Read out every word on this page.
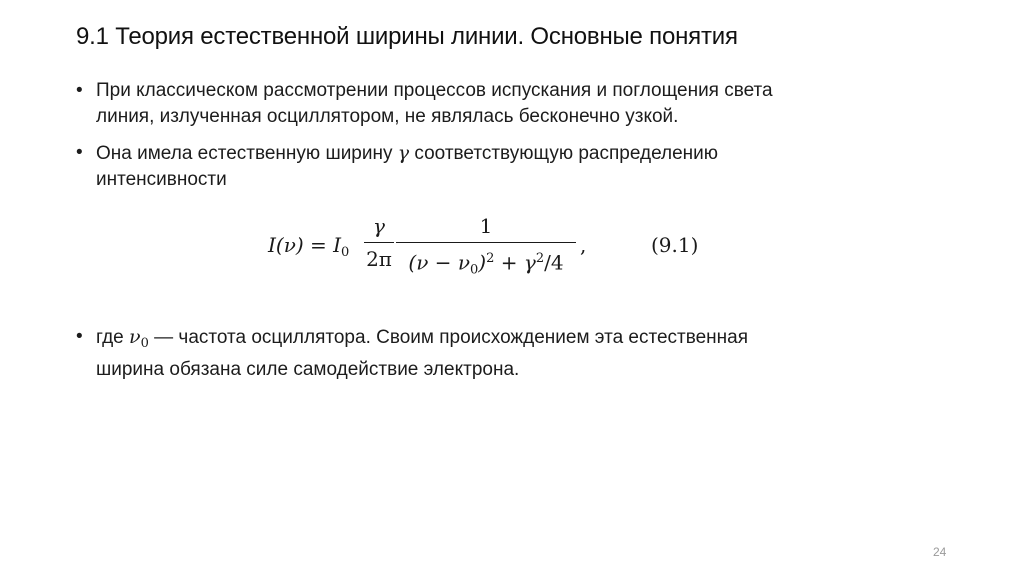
9.1 Теория естественной ширины линии. Основные понятия
• При классическом рассмотрении процессов испускания и поглощения света
линия, излученная осциллятором, не являлась бесконечно узкой.
• Она имела естественную ширину γ соответствующую распределению
интенсивности
$I(\nu) = I_0$
γ
2π
1
$(\nu - \nu_0)^2 + \gamma^2/4$
,	(9.1)
• где $\nu_0$ — частота осциллятора. Своим происхождением эта естественная
ширина обязана силе самодействие электрона.
24
